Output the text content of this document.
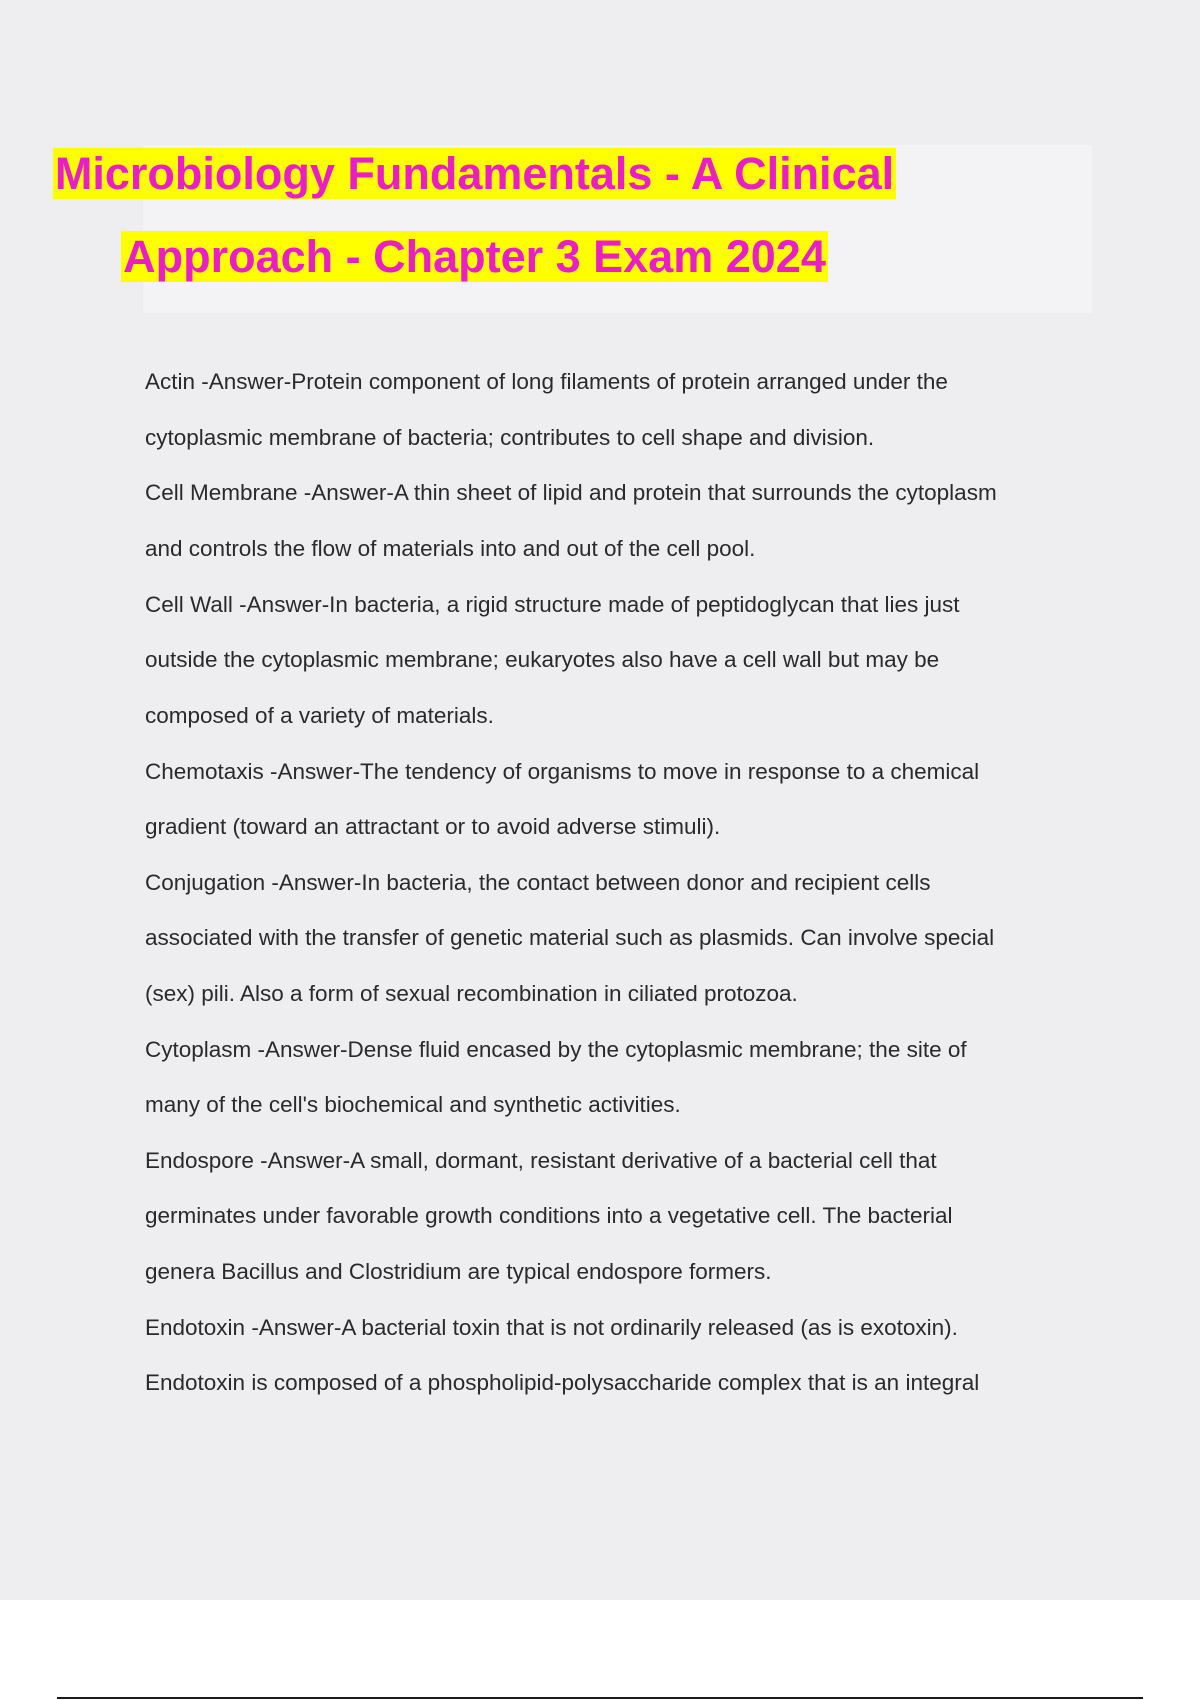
Microbiology Fundamentals - A Clinical
Approach - Chapter 3 Exam 2024
Actin -Answer-Protein component of long filaments of protein arranged under the
cytoplasmic membrane of bacteria; contributes to cell shape and division.
Cell Membrane -Answer-A thin sheet of lipid and protein that surrounds the cytoplasm
and controls the flow of materials into and out of the cell pool.
Cell Wall -Answer-In bacteria, a rigid structure made of peptidoglycan that lies just
outside the cytoplasmic membrane; eukaryotes also have a cell wall but may be
composed of a variety of materials.
Chemotaxis -Answer-The tendency of organisms to move in response to a chemical
gradient (toward an attractant or to avoid adverse stimuli).
Conjugation -Answer-In bacteria, the contact between donor and recipient cells
associated with the transfer of genetic material such as plasmids. Can involve special
(sex) pili. Also a form of sexual recombination in ciliated protozoa.
Cytoplasm -Answer-Dense fluid encased by the cytoplasmic membrane; the site of
many of the cell's biochemical and synthetic activities.
Endospore -Answer-A small, dormant, resistant derivative of a bacterial cell that
germinates under favorable growth conditions into a vegetative cell. The bacterial
genera Bacillus and Clostridium are typical endospore formers.
Endotoxin -Answer-A bacterial toxin that is not ordinarily released (as is exotoxin).
Endotoxin is composed of a phospholipid-polysaccharide complex that is an integral
